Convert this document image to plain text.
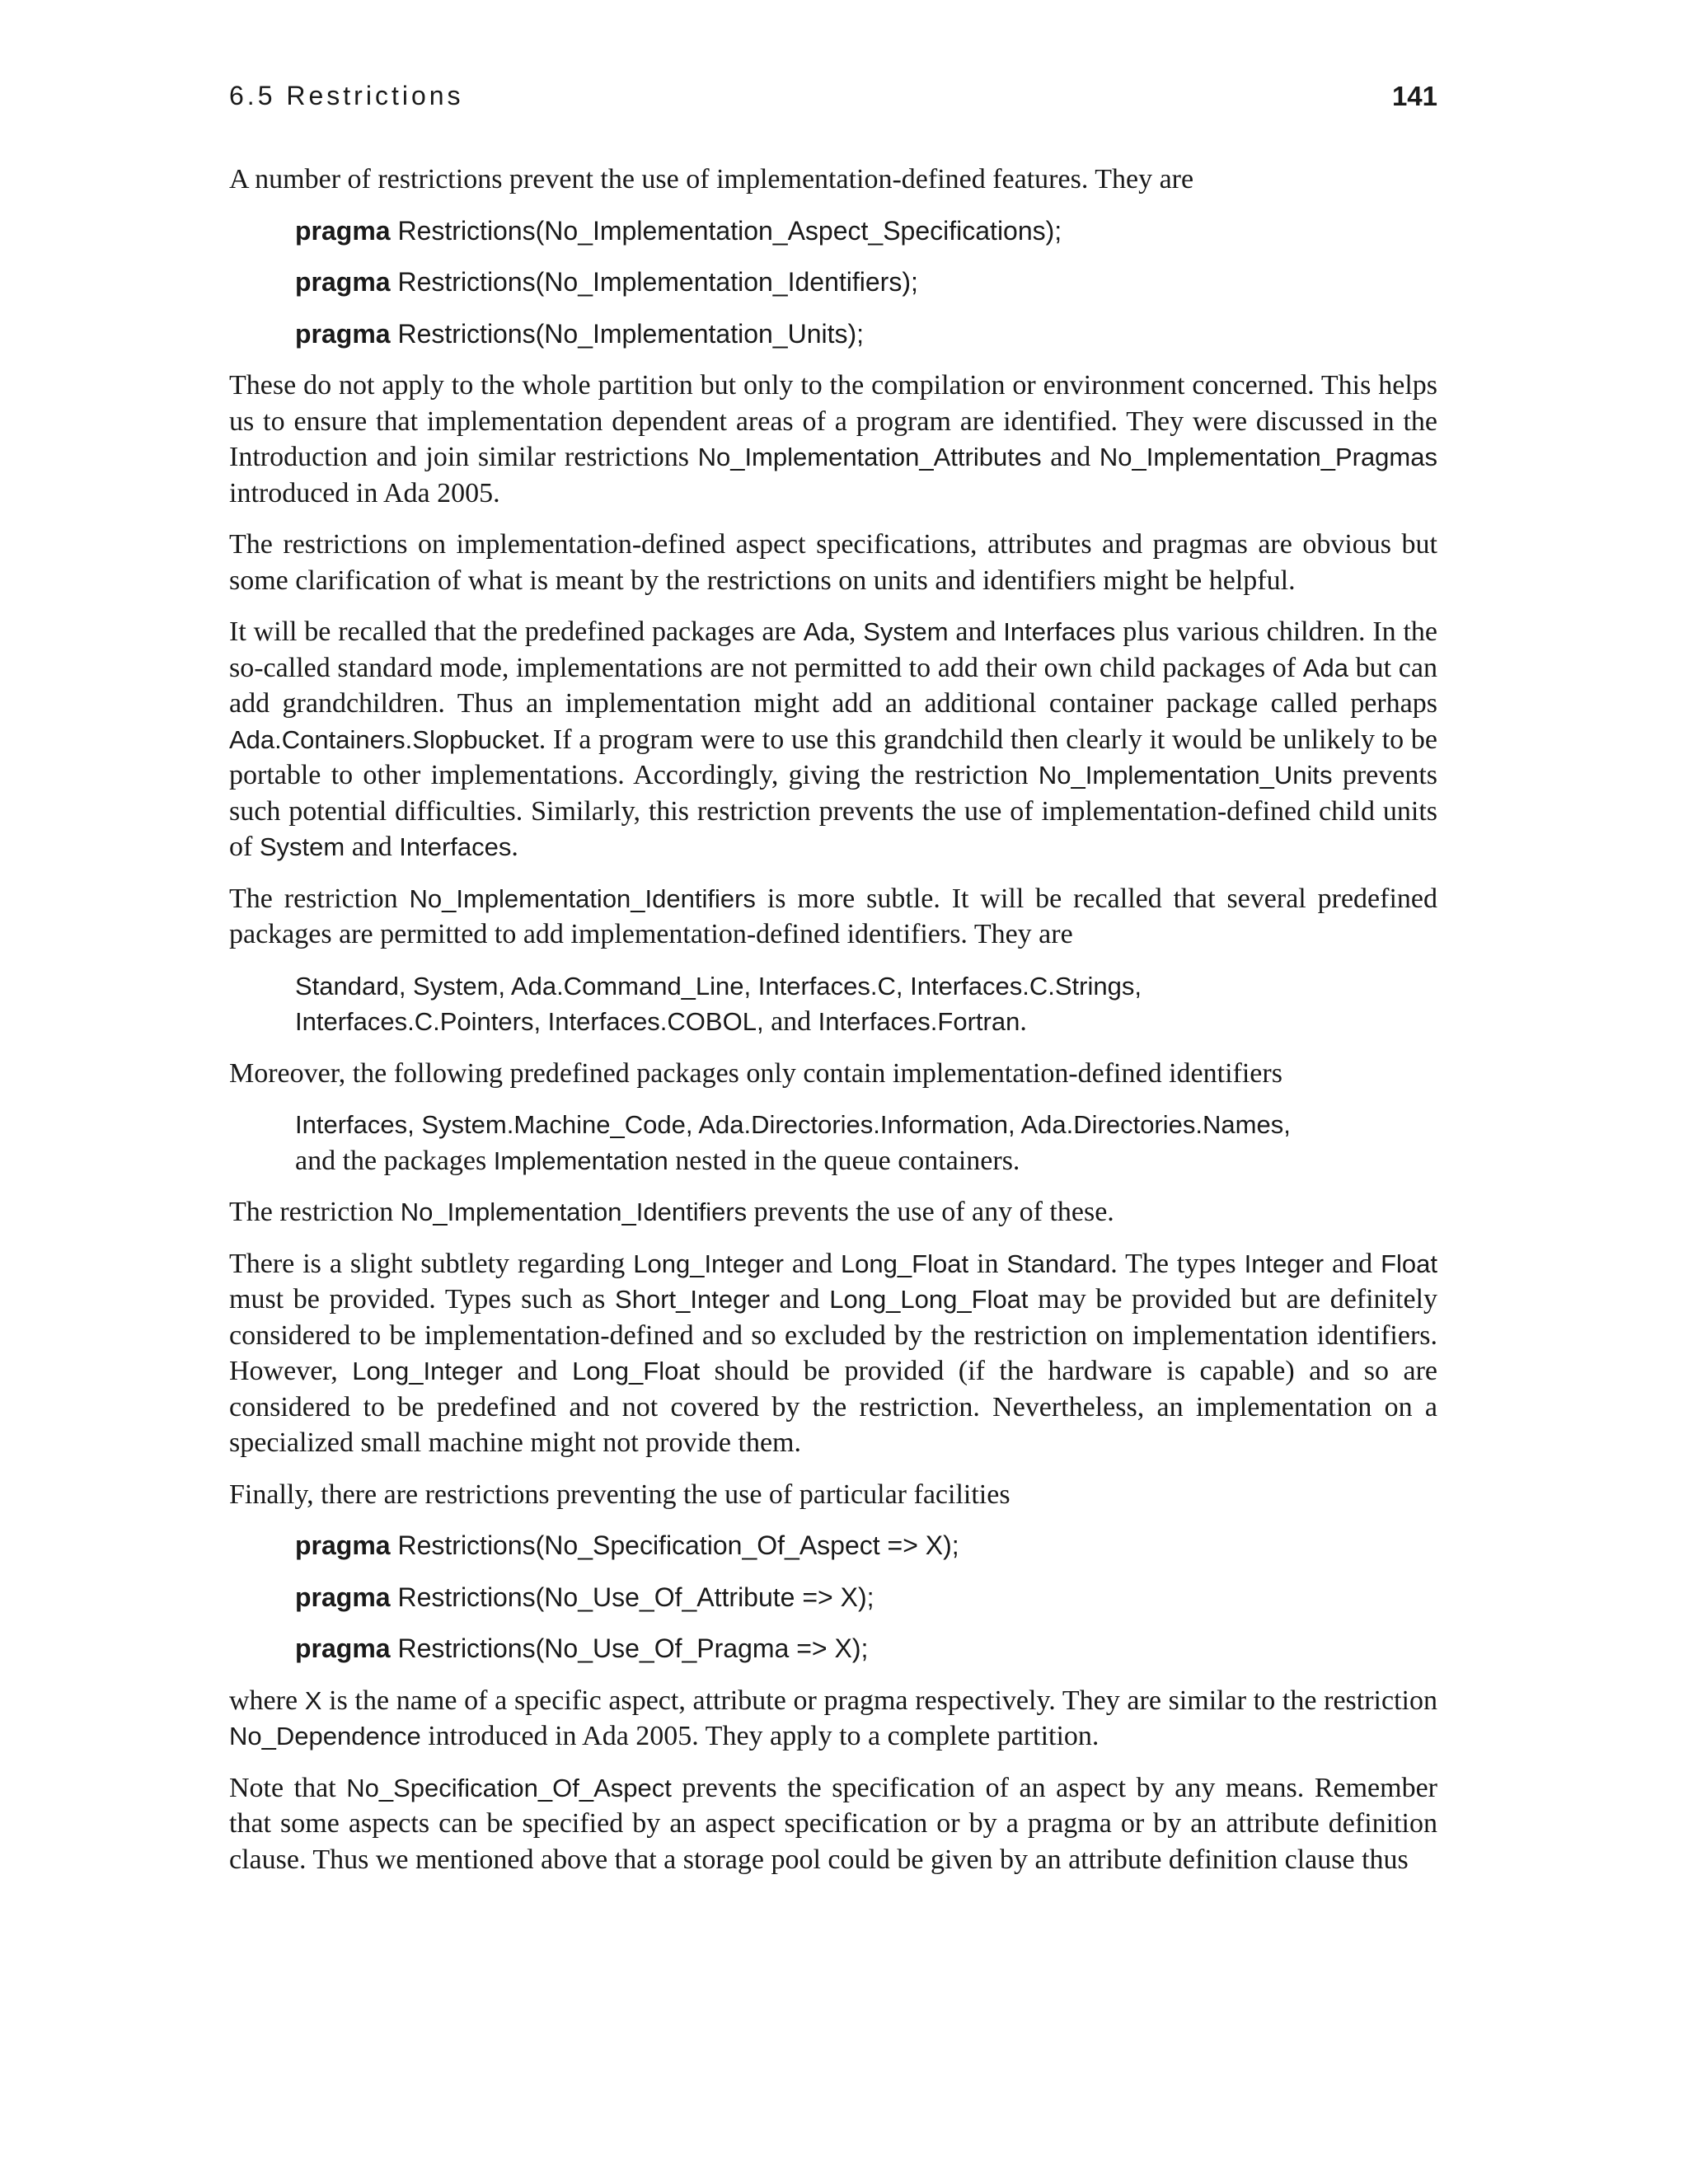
6.5 Restrictions	141

A number of restrictions prevent the use of implementation-defined features. They are

pragma Restrictions(No_Implementation_Aspect_Specifications);
pragma Restrictions(No_Implementation_Identifiers);
pragma Restrictions(No_Implementation_Units);

These do not apply to the whole partition but only to the compilation or environment concerned. This helps us to ensure that implementation dependent areas of a program are identified. They were discussed in the Introduction and join similar restrictions No_Implementation_Attributes and No_Implementation_Pragmas introduced in Ada 2005.

The restrictions on implementation-defined aspect specifications, attributes and pragmas are obvious but some clarification of what is meant by the restrictions on units and identifiers might be helpful.

It will be recalled that the predefined packages are Ada, System and Interfaces plus various children. In the so-called standard mode, implementations are not permitted to add their own child packages of Ada but can add grandchildren. Thus an implementation might add an additional container package called perhaps Ada.Containers.Slopbucket. If a program were to use this grandchild then clearly it would be unlikely to be portable to other implementations. Accordingly, giving the restriction No_Implementation_Units prevents such potential difficulties. Similarly, this restriction prevents the use of implementation-defined child units of System and Interfaces.

The restriction No_Implementation_Identifiers is more subtle. It will be recalled that several predefined packages are permitted to add implementation-defined identifiers. They are

Standard, System, Ada.Command_Line, Interfaces.C, Interfaces.C.Strings,
Interfaces.C.Pointers, Interfaces.COBOL, and Interfaces.Fortran.

Moreover, the following predefined packages only contain implementation-defined identifiers

Interfaces, System.Machine_Code, Ada.Directories.Information, Ada.Directories.Names,
and the packages Implementation nested in the queue containers.

The restriction No_Implementation_Identifiers prevents the use of any of these.

There is a slight subtlety regarding Long_Integer and Long_Float in Standard. The types Integer and Float must be provided. Types such as Short_Integer and Long_Long_Float may be provided but are definitely considered to be implementation-defined and so excluded by the restriction on implementation identifiers. However, Long_Integer and Long_Float should be provided (if the hardware is capable) and so are considered to be predefined and not covered by the restriction. Nevertheless, an implementation on a specialized small machine might not provide them.

Finally, there are restrictions preventing the use of particular facilities

pragma Restrictions(No_Specification_Of_Aspect => X);
pragma Restrictions(No_Use_Of_Attribute => X);
pragma Restrictions(No_Use_Of_Pragma => X);

where X is the name of a specific aspect, attribute or pragma respectively. They are similar to the restriction No_Dependence introduced in Ada 2005. They apply to a complete partition.

Note that No_Specification_Of_Aspect prevents the specification of an aspect by any means. Remember that some aspects can be specified by an aspect specification or by a pragma or by an attribute definition clause. Thus we mentioned above that a storage pool could be given by an attribute definition clause thus
